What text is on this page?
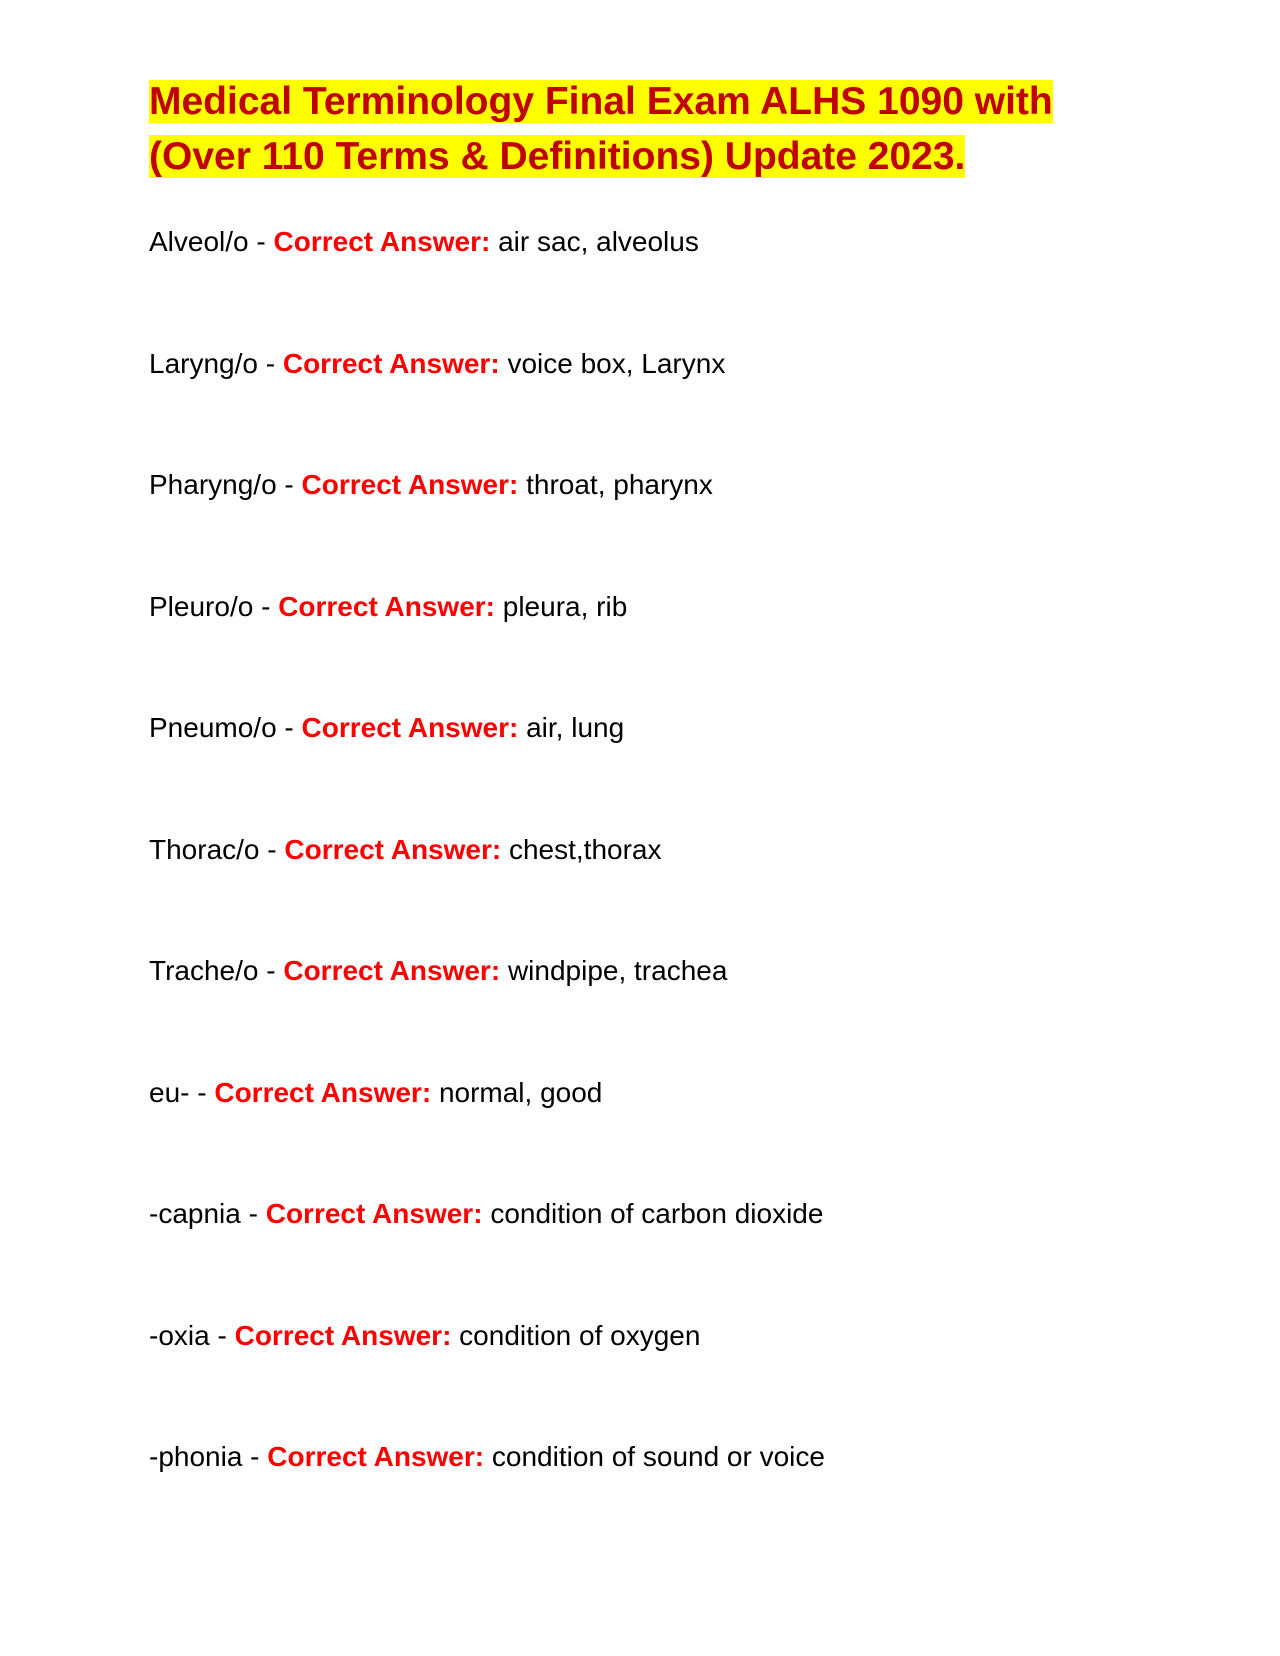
Medical Terminology Final Exam ALHS 1090 with
(Over 110 Terms & Definitions) Update 2023.
Alveol/o - Correct Answer: air sac, alveolus
Laryng/o - Correct Answer: voice box, Larynx
Pharyng/o - Correct Answer: throat, pharynx
Pleuro/o - Correct Answer: pleura, rib
Pneumo/o - Correct Answer: air, lung
Thorac/o - Correct Answer: chest,thorax
Trache/o - Correct Answer: windpipe, trachea
eu- - Correct Answer: normal, good
-capnia - Correct Answer: condition of carbon dioxide
-oxia - Correct Answer: condition of oxygen
-phonia - Correct Answer: condition of sound or voice
